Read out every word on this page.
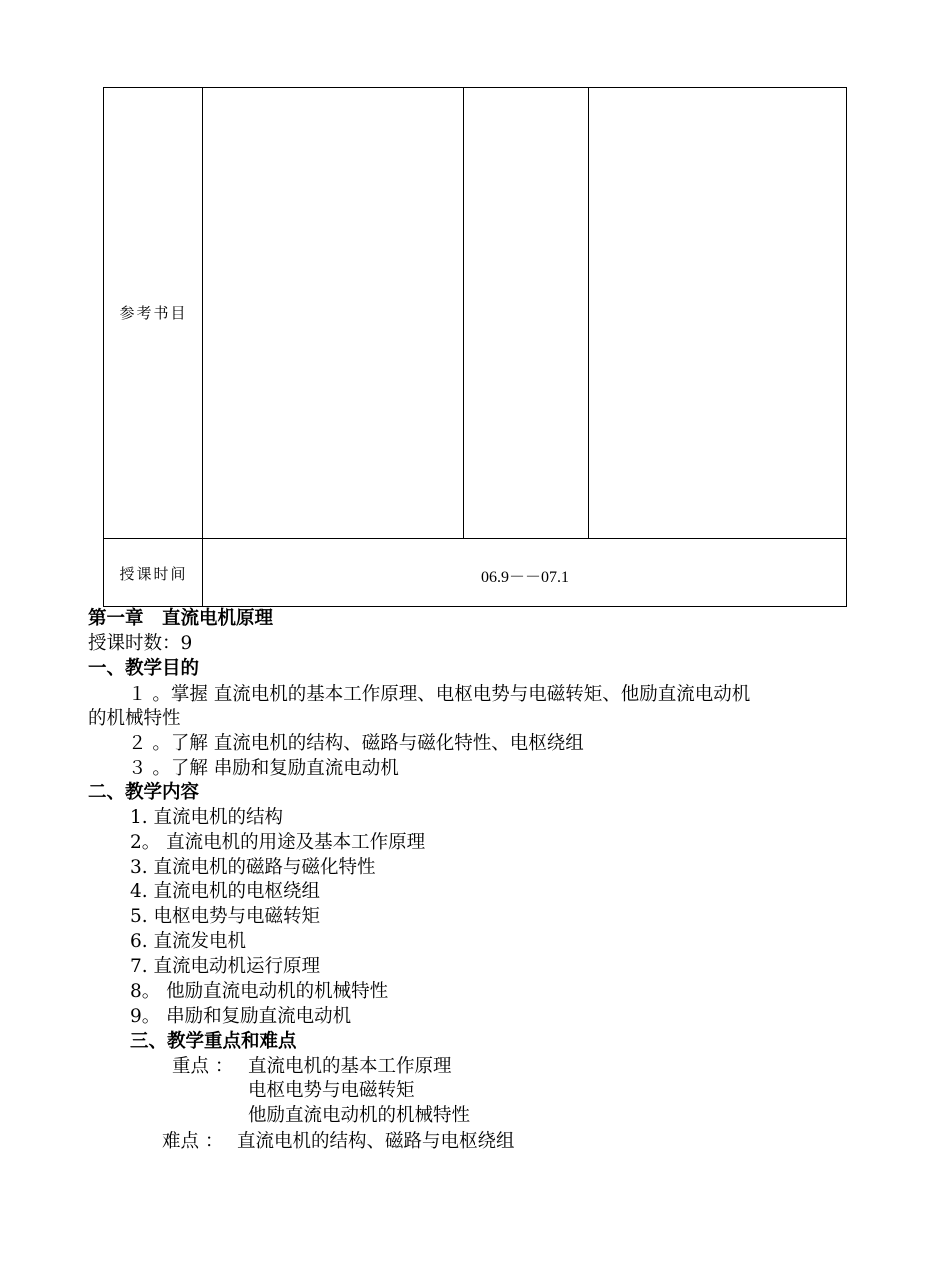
参考书目
授课时间	06.9－－07.1
第一章　直流电机原理
授课时数：9
一、教学目的
１ 。掌握 直流电机的基本工作原理、电枢电势与电磁转矩、他励直流电动机
的机械特性
２ 。了解 直流电机的结构、磁路与磁化特性、电枢绕组
３ 。了解 串励和复励直流电动机
二、教学内容
1. 直流电机的结构
2。 直流电机的用途及基本工作原理
3. 直流电机的磁路与磁化特性
4. 直流电机的电枢绕组
5. 电枢电势与电磁转矩
6. 直流发电机
7. 直流电动机运行原理
8。 他励直流电动机的机械特性
9。 串励和复励直流电动机
三、教学重点和难点
重点 ： 直流电机的基本工作原理
电枢电势与电磁转矩
他励直流电动机的机械特性
难点 ： 直流电机的结构、磁路与电枢绕组
